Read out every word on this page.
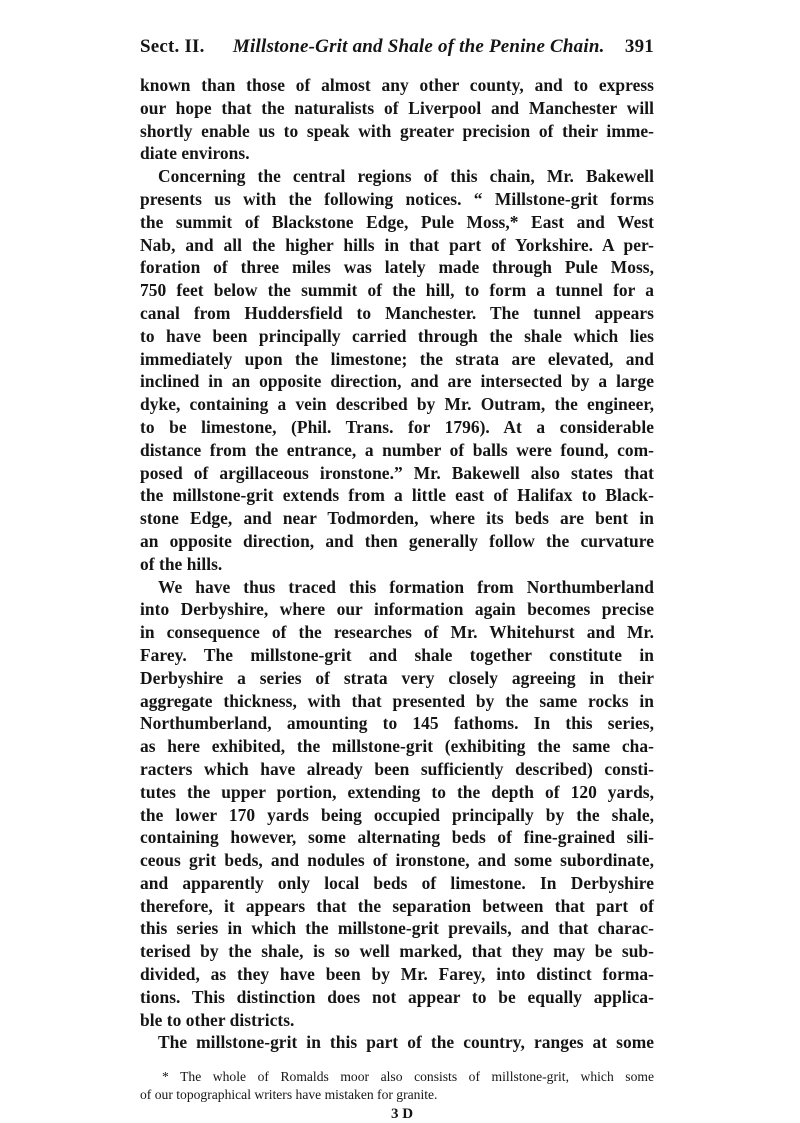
Sect. II.	Millstone-Grit and Shale of the Penine Chain.	391
known than those of almost any other county, and to express
our hope that the naturalists of Liverpool and Manchester will
shortly enable us to speak with greater precision of their imme-
diate environs.
Concerning the central regions of this chain, Mr. Bakewell
presents us with the following notices. “ Millstone-grit forms
the summit of Blackstone Edge, Pule Moss,* East and West
Nab, and all the higher hills in that part of Yorkshire. A per-
foration of three miles was lately made through Pule Moss,
750 feet below the summit of the hill, to form a tunnel for a
canal from Huddersfield to Manchester. The tunnel appears
to have been principally carried through the shale which lies
immediately upon the limestone; the strata are elevated, and
inclined in an opposite direction, and are intersected by a large
dyke, containing a vein described by Mr. Outram, the engineer,
to be limestone, (Phil. Trans. for 1796). At a considerable
distance from the entrance, a number of balls were found, com-
posed of argillaceous ironstone.” Mr. Bakewell also states that
the millstone-grit extends from a little east of Halifax to Black-
stone Edge, and near Todmorden, where its beds are bent in
an opposite direction, and then generally follow the curvature
of the hills.
We have thus traced this formation from Northumberland
into Derbyshire, where our information again becomes precise
in consequence of the researches of Mr. Whitehurst and Mr.
Farey. The millstone-grit and shale together constitute in
Derbyshire a series of strata very closely agreeing in their
aggregate thickness, with that presented by the same rocks in
Northumberland, amounting to 145 fathoms. In this series,
as here exhibited, the millstone-grit (exhibiting the same cha-
racters which have already been sufficiently described) consti-
tutes the upper portion, extending to the depth of 120 yards,
the lower 170 yards being occupied principally by the shale,
containing however, some alternating beds of fine-grained sili-
ceous grit beds, and nodules of ironstone, and some subordinate,
and apparently only local beds of limestone. In Derbyshire
therefore, it appears that the separation between that part of
this series in which the millstone-grit prevails, and that charac-
terised by the shale, is so well marked, that they may be sub-
divided, as they have been by Mr. Farey, into distinct forma-
tions. This distinction does not appear to be equally applica-
ble to other districts.
The millstone-grit in this part of the country, ranges at some
* The whole of Romalds moor also consists of millstone-grit, which some
of our topographical writers have mistaken for granite.
3 D
